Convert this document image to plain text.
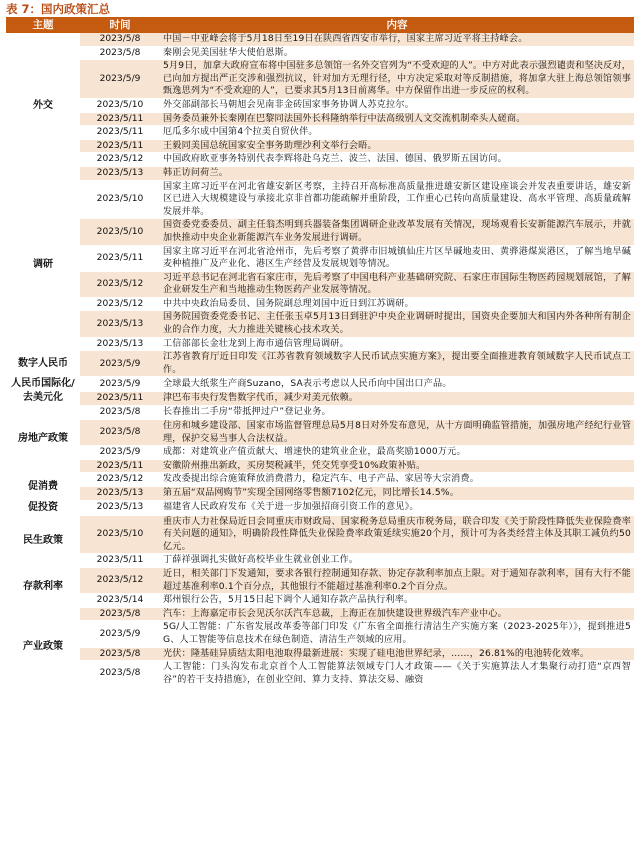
表 7：国内政策汇总
主题	时间	内容
外交	2023/5/8	中国－中亚峰会将于5月18日至19日在陕西省西安市举行，国家主席习近平将主持峰会。
	2023/5/8	秦刚会见美国驻华大使伯恩斯。
	2023/5/9	5月9日，加拿大政府宣布将中国驻多总领馆一名外交官列为“不受欢迎的人”。中方对此表示强烈谴责和坚决反对，已向加方提出严正交涉和强烈抗议，针对加方无理行径，中方决定采取对等反制措施，将加拿大驻上海总领馆领事甄逸思列为“不受欢迎的人”，已要求其5月13日前离华。中方保留作出进一步反应的权利。
	2023/5/10	外交部副部长马朝旭会见南非金砖国家事务协调人苏克拉尔。
	2023/5/11	国务委员兼外长秦刚在巴黎同法国外长科隆纳举行中法高级别人文交流机制牵头人磋商。
	2023/5/11	厄瓜多尔成中国第4个拉美自贸伙伴。
	2023/5/11	王毅同美国总统国家安全事务助理沙利文举行会晤。
	2023/5/12	中国政府欧亚事务特别代表李辉将赴乌克兰、波兰、法国、德国、俄罗斯五国访问。
	2023/5/13	韩正访问荷兰。
调研	2023/5/10	国家主席习近平在河北省雄安新区考察，主持召开高标准高质量推进雄安新区建设座谈会并发表重要讲话，雄安新区已进入大规模建设与承接北京非首都功能疏解并重阶段，工作重心已转向高质量建设、高水平管理、高质量疏解发展并举。
	2023/5/10	国资委党委委员、副主任翁杰明到兵器装备集团调研企业改革发展有关情况，现场观看长安新能源汽车展示，并就加快推动中央企业新能源汽车业务发展进行调研。
	2023/5/11	国家主席习近平在河北省沧州市，先后考察了黄骅市旧城镇仙庄片区旱碱地麦田、黄骅港煤炭港区，了解当地旱碱麦种植推广及产业化、港区生产经营及发展规划等情况。
	2023/5/12	习近平总书记在河北省石家庄市，先后考察了中国电科产业基础研究院、石家庄市国际生物医药园规划展馆，了解企业研发生产和当地推动生物医药产业发展等情况。
	2023/5/12	中共中央政治局委员、国务院副总理刘国中近日到江苏调研。
	2023/5/13	国务院国资委党委书记、主任张玉卓5月13日到驻沪中央企业调研时提出，国资央企要加大和国内外各种所有制企业的合作力度，大力推进关键核心技术攻关。
	2023/5/13	工信部部长金壮龙到上海市通信管理局调研。
数字人民币	2023/5/9	江苏省教育厅近日印发《江苏省教育领域数字人民币试点实施方案》，提出要全面推进教育领域数字人民币试点工作。
人民币国际化/去美元化	2023/5/9	全球最大纸浆生产商Suzano，SA表示考虑以人民币向中国出口产品。
	2023/5/11	津巴布韦央行发售数字代币，减少对美元依赖。
房地产政策	2023/5/8	长春推出二手房“带抵押过户”登记业务。
	2023/5/8	住房和城乡建设部、国家市场监督管理总局5月8日对外发布意见，从十方面明确监管措施，加强房地产经纪行业管理，保护交易当事人合法权益。
	2023/5/9	成都：对建筑业产值贡献大、增速快的建筑业企业，最高奖励1000万元。
	2023/5/11	安徽阶州推出新政，买房契税减半，凭交凭享受10%政策补贴。
促消费	2023/5/12	发改委提出综合施策释放消费潜力，稳定汽车、电子产品、家居等大宗消费。
	2023/5/13	第五届“双品网购节”实现全国网络零售额7102亿元，同比增长14.5%。
促投资	2023/5/13	福建省人民政府发布《关于进一步加强招商引资工作的意见》。
民生政策	2023/5/10	重庆市人力社保局近日会同重庆市财政局、国家税务总局重庆市税务局，联合印发《关于阶段性降低失业保险费率有关问题的通知》，明确阶段性降低失业保险费率政策延续实施20个月，预计可为各类经营主体及其职工减负约50亿元。
	2023/5/11	丁薛祥强调扎实做好高校毕业生就业创业工作。
存款利率	2023/5/12	近日，相关部门下发通知，要求各银行控制通知存款、协定存款利率加点上限。对于通知存款利率，国有大行不能超过基准利率0.1个百分点，其他银行不能超过基准利率0.2个百分点。
	2023/5/14	郑州银行公告，5月15日起下调个人通知存款产品执行利率。
产业政策	2023/5/8	汽车：上海嘉定市长会见沃尔沃汽车总裁，上海正在加快建设世界级汽车产业中心。
	2023/5/9	5G/人工智能：广东省发展改革委等部门印发《广东省全面推行清洁生产实施方案（2023-2025年）》，提到推进5G、人工智能等信息技术在绿色制造、清洁生产领域的应用。
	2023/5/8	光伏：隆基硅异质结太阳电池取得最新进展：实现了硅电池世界纪录，……，26.81%的电池转化效率。
	2023/5/8	人工智能：门头沟发布北京首个人工智能算法领域专门人才政策——《关于实施算法人才集聚行动打造“京西智谷”的若干支持措施》，在创业空间、算力支持、算法交易、融资
